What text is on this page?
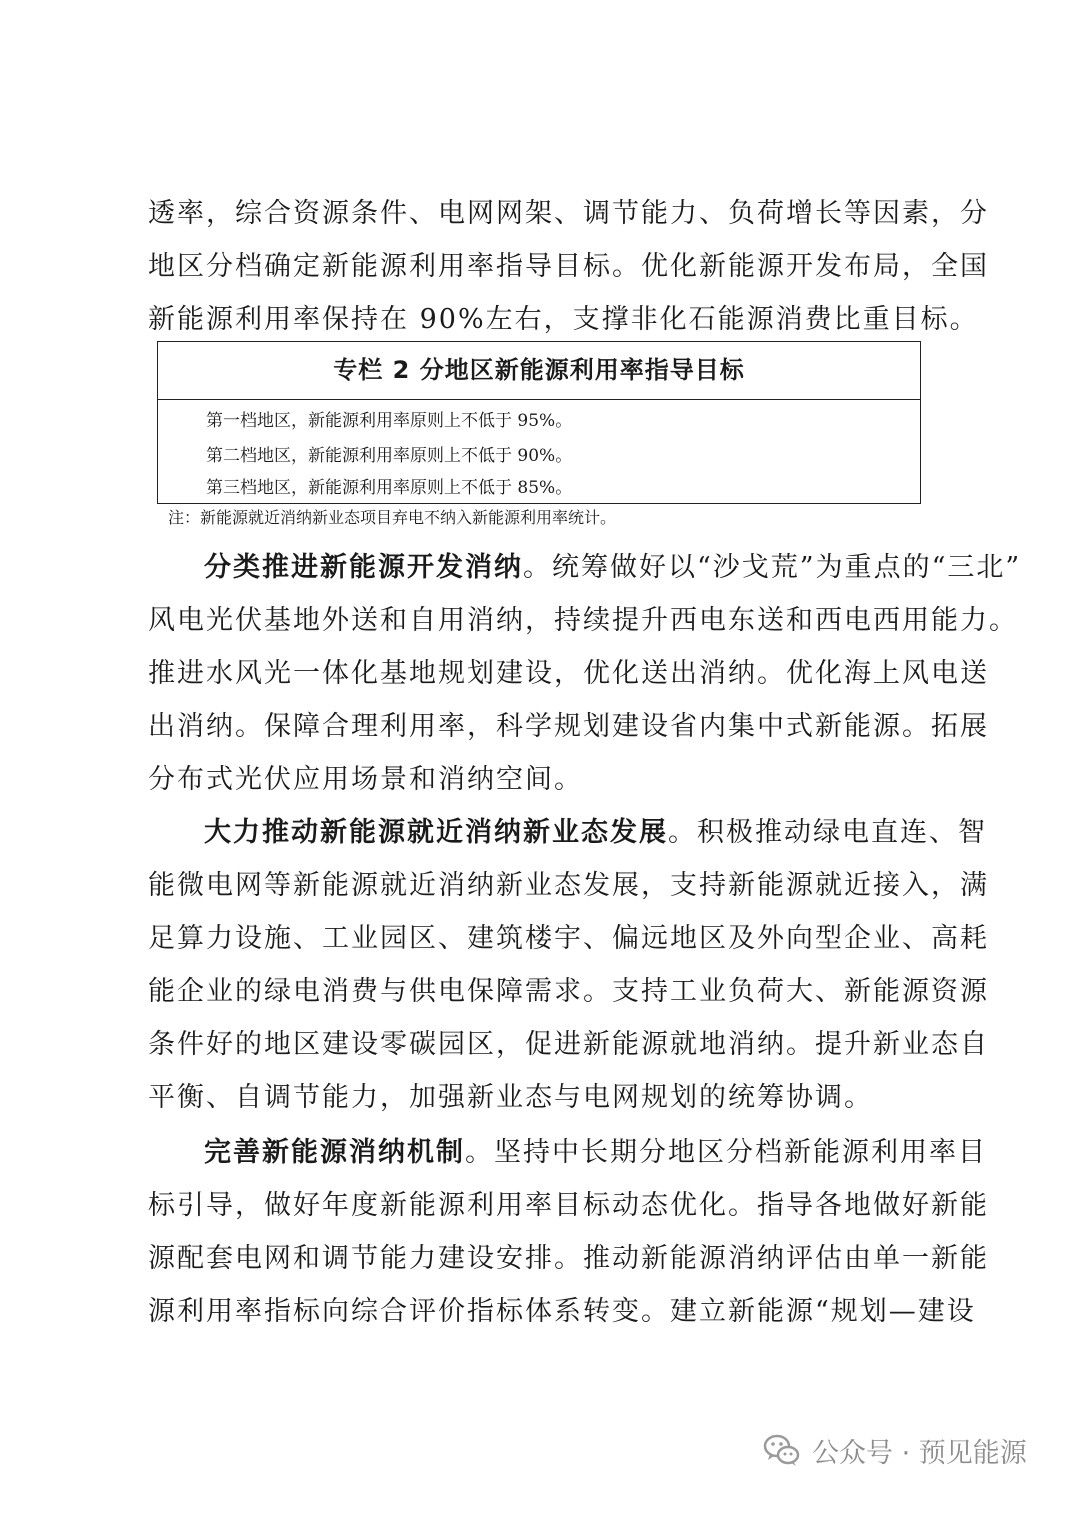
透率，综合资源条件、电网网架、调节能力、负荷增长等因素，分
地区分档确定新能源利用率指导目标。优化新能源开发布局，全国
新能源利用率保持在 90%左右，支撑非化石能源消费比重目标。
专栏 2 分地区新能源利用率指导目标
第一档地区，新能源利用率原则上不低于 95%。
第二档地区，新能源利用率原则上不低于 90%。
第三档地区，新能源利用率原则上不低于 85%。
注：新能源就近消纳新业态项目弃电不纳入新能源利用率统计。
分类推进新能源开发消纳。统筹做好以“沙戈荒”为重点的“三北”
风电光伏基地外送和自用消纳，持续提升西电东送和西电西用能力。
推进水风光一体化基地规划建设，优化送出消纳。优化海上风电送
出消纳。保障合理利用率，科学规划建设省内集中式新能源。拓展
分布式光伏应用场景和消纳空间。
大力推动新能源就近消纳新业态发展。积极推动绿电直连、智
能微电网等新能源就近消纳新业态发展，支持新能源就近接入，满
足算力设施、工业园区、建筑楼宇、偏远地区及外向型企业、高耗
能企业的绿电消费与供电保障需求。支持工业负荷大、新能源资源
条件好的地区建设零碳园区，促进新能源就地消纳。提升新业态自
平衡、自调节能力，加强新业态与电网规划的统筹协调。
完善新能源消纳机制。坚持中长期分地区分档新能源利用率目
标引导，做好年度新能源利用率目标动态优化。指导各地做好新能
源配套电网和调节能力建设安排。推动新能源消纳评估由单一新能
源利用率指标向综合评价指标体系转变。建立新能源“规划—建设
公众号 · 预见能源
